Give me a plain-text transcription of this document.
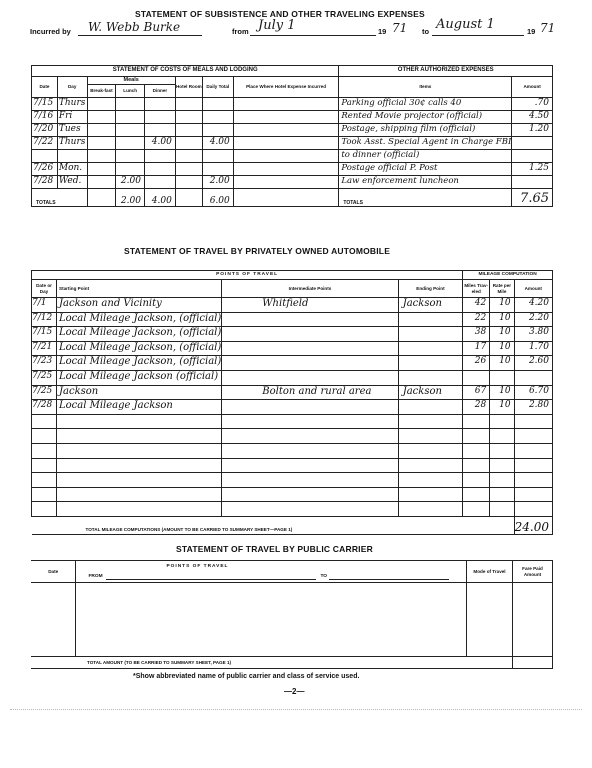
STATEMENT OF SUBSISTENCE AND OTHER TRAVELING EXPENSES
Incurred by W. Webb Burke	from July 1	19 71 to August 1	19 71
STATEMENT OF COSTS OF MEALS AND LODGING								OTHER AUTHORIZED EXPENSES	
Date	Day	Meals			Hotel Room	Daily Total	Place Where Hotel Expense Incurred	Items	Amount
		Break-fast	Lunch	Dinner					
7/15	Thurs							Parking official 30¢ calls 40	.70
7/16	Fri							Rented Movie projector (official)	4.50
7/20	Tues							Postage, shipping film (official)	1.20
7/22	Thurs			4.00		4.00		Took Asst. Special Agent in Charge FBI	
								to dinner (official)	
7/26	Mon.							Postage official P. Post	1.25
7/28	Wed.		2.00			2.00		Law enforcement luncheon	
TOTALS			2.00	4.00		6.00		TOTALS	7.65
STATEMENT OF TRAVEL BY PRIVATELY OWNED AUTOMOBILE
POINTS OF TRAVEL				MILEAGE COMPUTATION		
Date or Day	Starting Point	Intermediate Points	Ending Point	Miles Trav-eled	Rate per Mile	Amount
7/1	Jackson and Vicinity	Whitfield	Jackson	42	10	4.20
7/12	Local Mileage Jackson, (official)			22	10	2.20
7/15	Local Mileage Jackson, (official)			38	10	3.80
7/21	Local Mileage Jackson, (official)			17	10	1.70
7/23	Local Mileage Jackson, (official)			26	10	2.60
7/25	Local Mileage Jackson (official)					
7/25	Jackson	Bolton and rural area	Jackson	67	10	6.70
7/28	Local Mileage Jackson			28	10	2.80

TOTAL MILEAGE COMPUTATIONS (AMOUNT TO BE CARRIED TO SUMMARY SHEET—PAGE 1)						24.00
STATEMENT OF TRAVEL BY PUBLIC CARRIER
Date	POINTS OF TRAVEL
FROM TO	Mode of Travel	Fare Paid Amount

TOTAL AMOUNT (TO BE CARRIED TO SUMMARY SHEET, PAGE 1)			
*Show abbreviated name of public carrier and class of service used.
—2—
